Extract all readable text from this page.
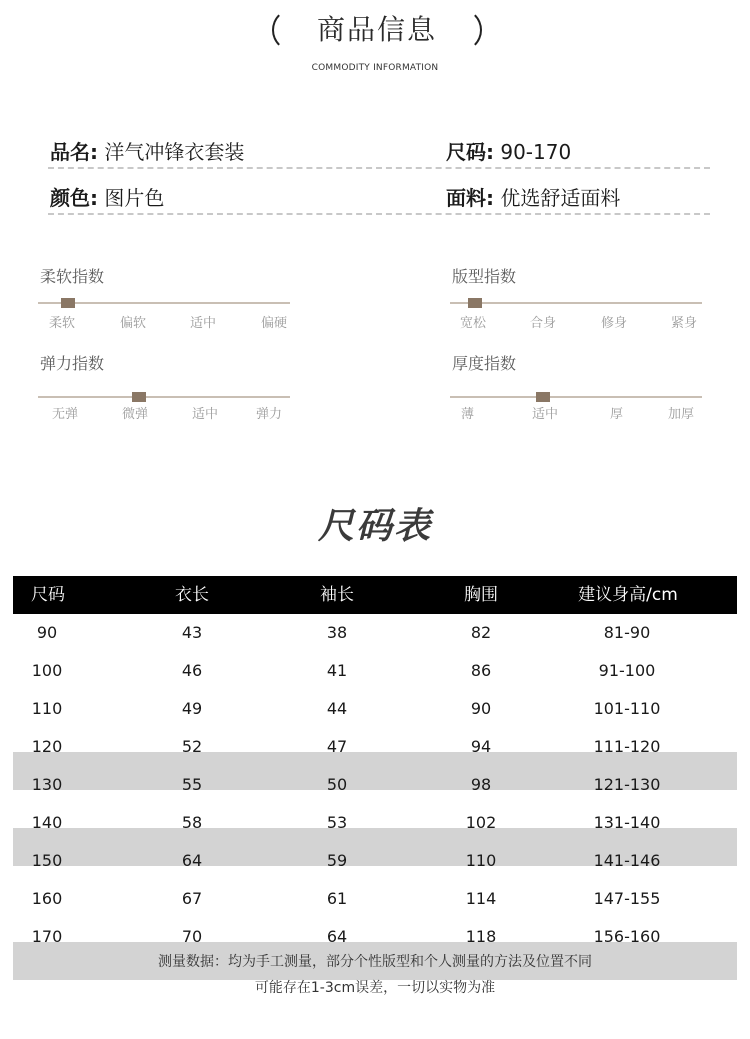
商品信息
COMMODITY INFORMATION
品名: 洋气冲锋衣套装	尺码: 90-170
颜色: 图片色	面料: 优选舒适面料
柔软指数
柔软	偏软	适中	偏硬
版型指数
宽松	合身	修身	紧身
弹力指数
无弹	微弹	适中	弹力
厚度指数
薄	适中	厚	加厚
尺码表
尺码	衣长	袖长	胸围	建议身高/cm
90	43	38	82	81-90
100	46	41	86	91-100
110	49	44	90	101-110
120	52	47	94	111-120
130	55	50	98	121-130
140	58	53	102	131-140
150	64	59	110	141-146
160	67	61	114	147-155
170	70	64	118	156-160
测量数据：均为手工测量，部分个性版型和个人测量的方法及位置不同
可能存在1-3cm误差，一切以实物为准
